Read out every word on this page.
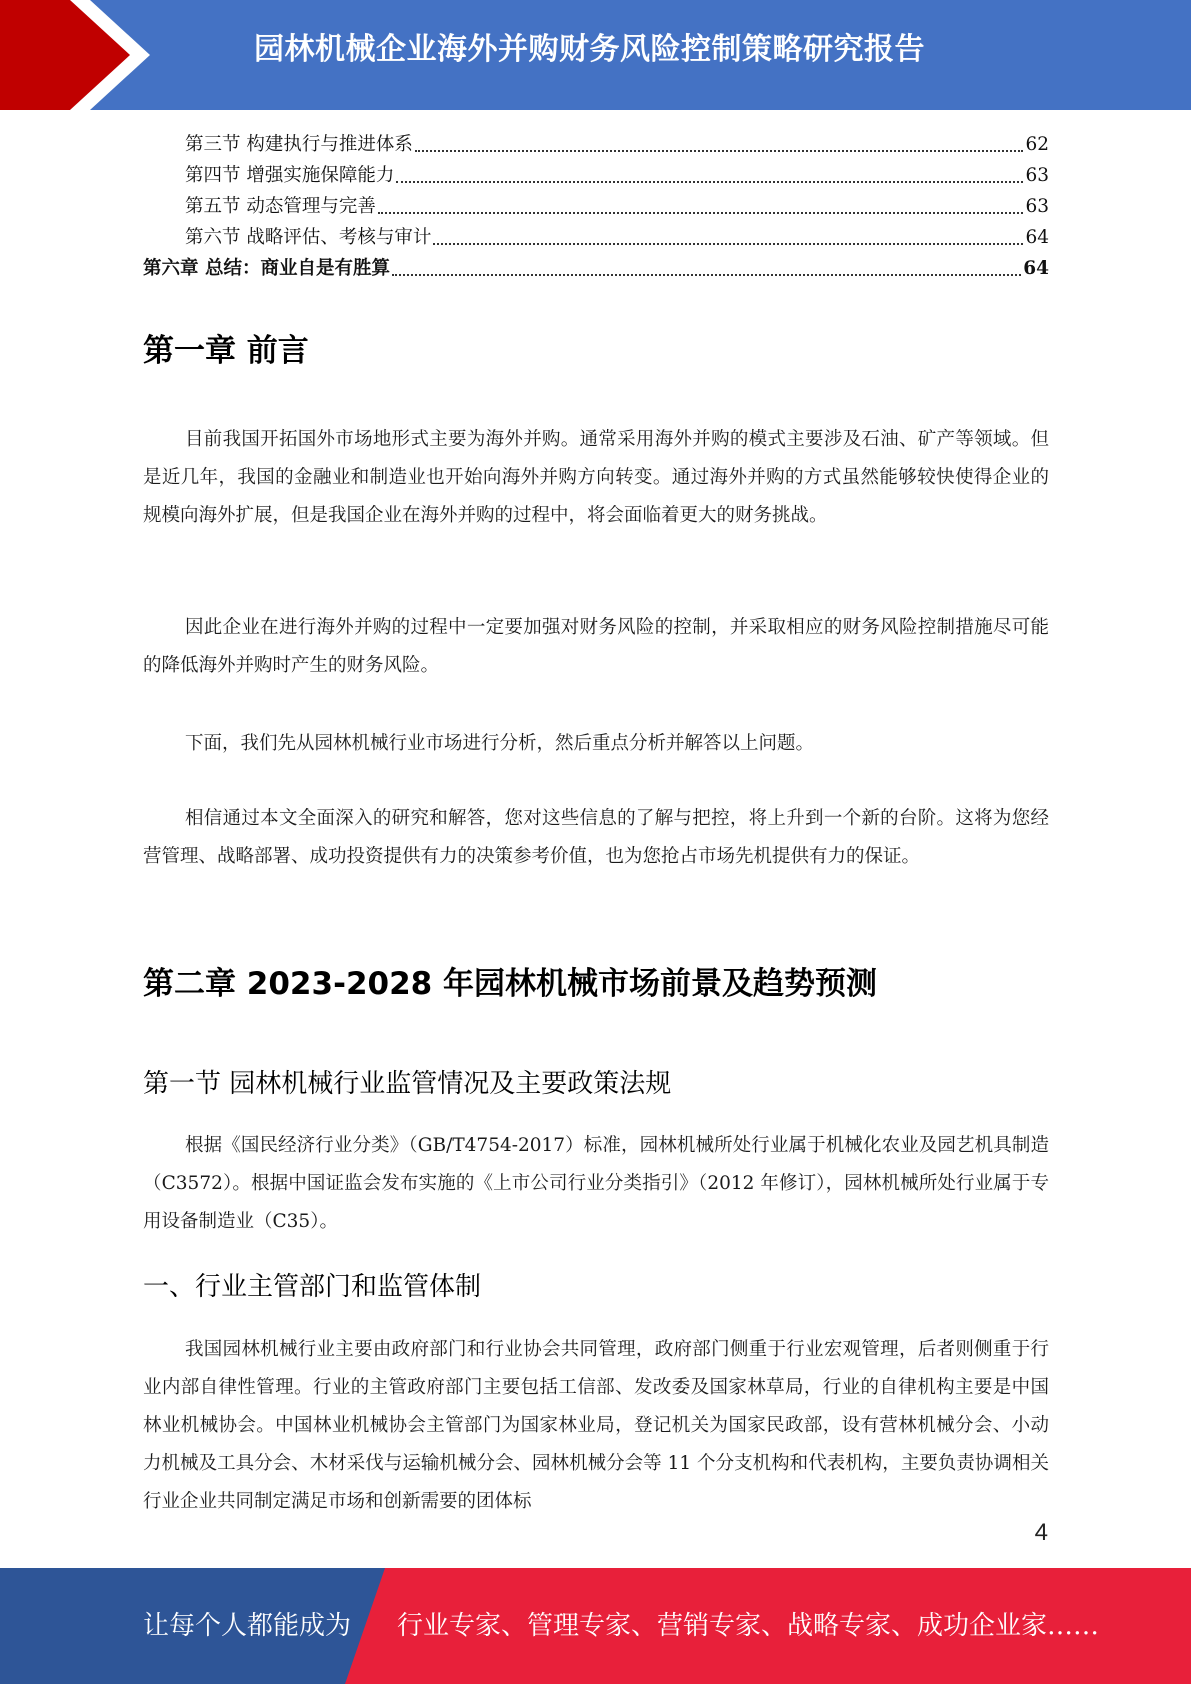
园林机械企业海外并购财务风险控制策略研究报告
第三节 构建执行与推进体系	62
第四节 增强实施保障能力	63
第五节 动态管理与完善	63
第六节 战略评估、考核与审计	64
第六章 总结：商业自是有胜算	64
第一章 前言
目前我国开拓国外市场地形式主要为海外并购。通常采用海外并购的模式主要涉及石油、矿产等领域。但是近几年，我国的金融业和制造业也开始向海外并购方向转变。通过海外并购的方式虽然能够较快使得企业的规模向海外扩展，但是我国企业在海外并购的过程中，将会面临着更大的财务挑战。
因此企业在进行海外并购的过程中一定要加强对财务风险的控制，并采取相应的财务风险控制措施尽可能的降低海外并购时产生的财务风险。
下面，我们先从园林机械行业市场进行分析，然后重点分析并解答以上问题。
相信通过本文全面深入的研究和解答，您对这些信息的了解与把控，将上升到一个新的台阶。这将为您经营管理、战略部署、成功投资提供有力的决策参考价值，也为您抢占市场先机提供有力的保证。
第二章 2023-2028 年园林机械市场前景及趋势预测
第一节 园林机械行业监管情况及主要政策法规
根据《国民经济行业分类》（GB/T4754-2017）标准，园林机械所处行业属于机械化农业及园艺机具制造（C3572）。根据中国证监会发布实施的《上市公司行业分类指引》（2012 年修订），园林机械所处行业属于专用设备制造业（C35）。
一、行业主管部门和监管体制
我国园林机械行业主要由政府部门和行业协会共同管理，政府部门侧重于行业宏观管理，后者则侧重于行业内部自律性管理。行业的主管政府部门主要包括工信部、发改委及国家林草局，行业的自律机构主要是中国林业机械协会。中国林业机械协会主管部门为国家林业局，登记机关为国家民政部，设有营林机械分会、小动力机械及工具分会、木材采伐与运输机械分会、园林机械分会等 11 个分支机构和代表机构，主要负责协调相关行业企业共同制定满足市场和创新需要的团体标
4
让每个人都能成为 行业专家、管理专家、营销专家、战略专家、成功企业家……
